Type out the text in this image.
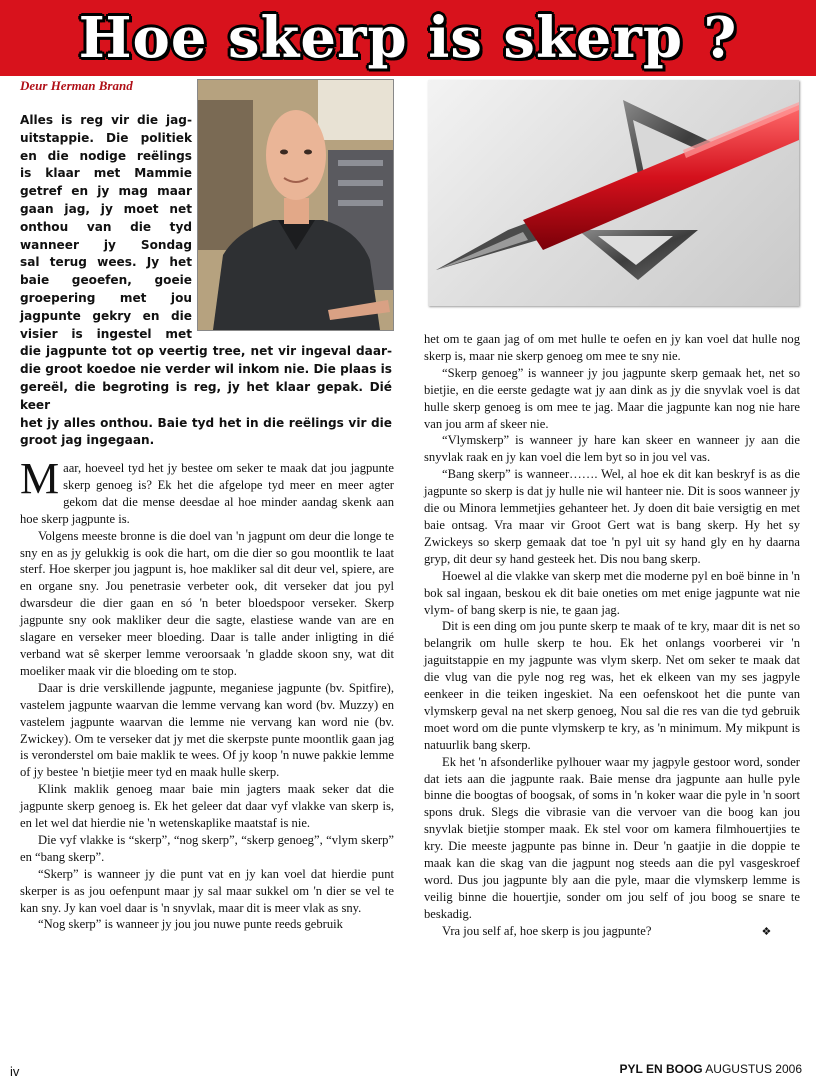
Hoe skerp is skerp ?
Deur Herman Brand

Alles is reg vir die jag-
uitstappie. Die politiek
en die nodige reëlings
is klaar met Mammie
getref en jy mag maar
gaan jag, jy moet net
onthou van die tyd
wanneer jy Sondag
sal terug wees. Jy het
baie geoefen, goeie
groepering met jou
jagpunte gekry en die
visier is ingestel met
die jagpunte tot op veertig tree, net vir ingeval daar-
die groot koedoe nie verder wil inkom nie. Die plaas is
gereël, die begroting is reg, jy het klaar gepak. Dié keer
het jy alles onthou. Baie tyd het in die reëlings vir die
groot jag ingegaan.

Maar, hoeveel tyd het jy bestee om seker te maak dat jou jagpunte skerp genoeg is? Ek het die afgelope tyd meer en meer agter gekom dat die mense deesdae al hoe minder aandag skenk aan hoe skerp jagpunte is.

Volgens meeste bronne is die doel van 'n jagpunt om deur die longe te sny en as jy gelukkig is ook die hart, om die dier so gou moontlik te laat sterf. Hoe skerper jou jagpunt is, hoe makliker sal dit deur vel, spiere, are en organe sny. Jou penetrasie verbeter ook, dit verseker dat jou pyl dwarsdeur die dier gaan en só 'n beter bloedspoor verseker. Skerp jagpunte sny ook makliker deur die sagte, elastiese wande van are en slagare en verseker meer bloeding. Daar is talle ander inligting in dié verband wat sê skerper lemme veroorsaak 'n gladde skoon sny, wat dit moeliker maak vir die bloeding om te stop.

Daar is drie verskillende jagpunte, meganiese jagpunte (bv. Spitfire), vastelem jagpunte waarvan die lemme vervang kan word (bv. Muzzy) en vastelem jagpunte waarvan die lemme nie vervang kan word nie (bv. Zwickey). Om te verseker dat jy met die skerpste punte moontlik gaan jag is veronderstel om baie maklik te wees. Of jy koop 'n nuwe pakkie lemme of jy bestee 'n bietjie meer tyd en maak hulle skerp.

Klink maklik genoeg maar baie min jagters maak seker dat die jagpunte skerp genoeg is. Ek het geleer dat daar vyf vlakke van skerp is, en let wel dat hierdie nie 'n wetenskaplike maatstaf is nie.

Die vyf vlakke is “skerp”, “nog skerp”, “skerp genoeg”, “vlym skerp” en “bang skerp”.

“Skerp” is wanneer jy die punt vat en jy kan voel dat hierdie punt skerper is as jou oefenpunt maar jy sal maar sukkel om 'n dier se vel te kan sny. Jy kan voel daar is 'n snyvlak, maar dit is meer vlak as sny.

“Nog skerp” is wanneer jy jou jou nuwe punte reeds gebruik

het om te gaan jag of om met hulle te oefen en jy kan voel dat hulle nog skerp is, maar nie skerp genoeg om mee te sny nie.

“Skerp genoeg” is wanneer jy jou jagpunte skerp gemaak het, net so bietjie, en die eerste gedagte wat jy aan dink as jy die snyvlak voel is dat hulle skerp genoeg is om mee te jag. Maar die jagpunte kan nog nie hare van jou arm af skeer nie.

“Vlymskerp” is wanneer jy hare kan skeer en wanneer jy aan die snyvlak raak en jy kan voel die lem byt so in jou vel vas.

“Bang skerp” is wanneer……. Wel, al hoe ek dit kan beskryf is as die jagpunte so skerp is dat jy hulle nie wil hanteer nie. Dit is soos wanneer jy die ou Minora lemmetjies gehanteer het. Jy doen dit baie versigtig en met baie ontsag. Vra maar vir Groot Gert wat is bang skerp. Hy het sy Zwickeys so skerp gemaak dat toe 'n pyl uit sy hand gly en hy daarna gryp, dit deur sy hand gesteek het. Dis nou bang skerp.

Hoewel al die vlakke van skerp met die moderne pyl en boë binne in 'n bok sal ingaan, beskou ek dit baie oneties om met enige jagpunte wat nie vlym- of bang skerp is nie, te gaan jag.

Dit is een ding om jou punte skerp te maak of te kry, maar dit is net so belangrik om hulle skerp te hou. Ek het onlangs voorberei vir 'n jaguitstappie en my jagpunte was vlym skerp. Net om seker te maak dat die vlug van die pyle nog reg was, het ek elkeen van my ses jagpyle eenkeer in die teiken ingeskiet. Na een oefenskoot het die punte van vlymskerp geval na net skerp genoeg, Nou sal die res van die tyd gebruik moet word om die punte vlymskerp te kry, as 'n minimum. My mikpunt is natuurlik bang skerp.

Ek het 'n afsonderlike pylhouer waar my jagpyle gestoor word, sonder dat iets aan die jagpunte raak. Baie mense dra jagpunte aan hulle pyle binne die boogtas of boogsak, of soms in 'n koker waar die pyle in 'n soort spons druk. Slegs die vibrasie van die vervoer van die boog kan jou snyvlak bietjie stomper maak. Ek stel voor om kamera filmhouertjies te kry. Die meeste jagpunte pas binne in. Deur 'n gaatjie in die doppie te maak kan die skag van die jagpunt nog steeds aan die pyl vasgeskroef word. Dus jou jagpunte bly aan die pyle, maar die vlymskerp lemme is veilig binne die houertjie, sonder om jou self of jou boog se snare te beskadig.

Vra jou self af, hoe skerp is jou jagpunte?	❖

iv	PYL EN BOOG AUGUSTUS 2006
